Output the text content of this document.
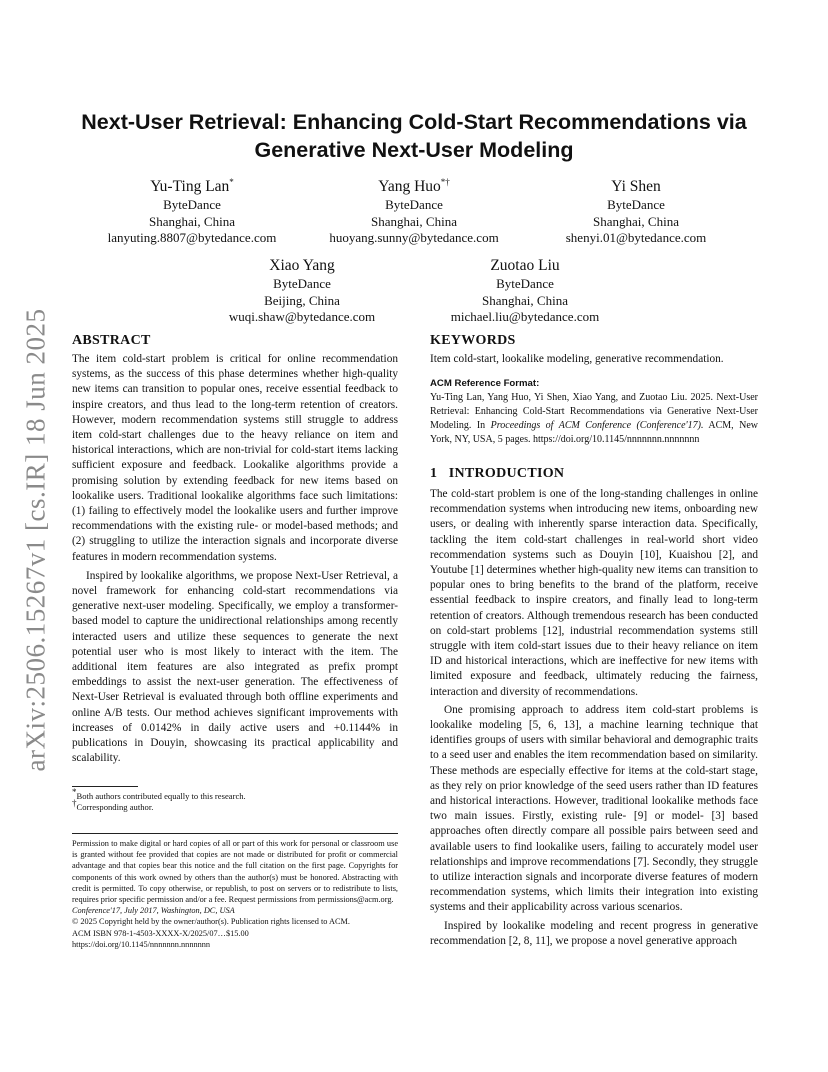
arXiv:2506.15267v1 [cs.IR] 18 Jun 2025
Next-User Retrieval: Enhancing Cold-Start Recommendations via Generative Next-User Modeling
Yu-Ting Lan*
ByteDance
Shanghai, China
lanyuting.8807@bytedance.com
Yang Huo*†
ByteDance
Shanghai, China
huoyang.sunny@bytedance.com
Yi Shen
ByteDance
Shanghai, China
shenyi.01@bytedance.com
Xiao Yang
ByteDance
Beijing, China
wuqi.shaw@bytedance.com
Zuotao Liu
ByteDance
Shanghai, China
michael.liu@bytedance.com
ABSTRACT

The item cold-start problem is critical for online recommendation systems, as the success of this phase determines whether high-quality new items can transition to popular ones, receive essential feedback to inspire creators, and thus lead to the long-term retention of creators. However, modern recommendation systems still struggle to address item cold-start challenges due to the heavy reliance on item and historical interactions, which are non-trivial for cold-start items lacking sufficient exposure and feedback. Lookalike algorithms provide a promising solution by extending feedback for new items based on lookalike users. Traditional lookalike algorithms face such limitations: (1) failing to effectively model the lookalike users and further improve recommendations with the existing rule- or model-based methods; and (2) struggling to utilize the interaction signals and incorporate diverse features in modern recommendation systems.

Inspired by lookalike algorithms, we propose Next-User Retrieval, a novel framework for enhancing cold-start recommendations via generative next-user modeling. Specifically, we employ a transformer-based model to capture the unidirectional relationships among recently interacted users and utilize these sequences to generate the next potential user who is most likely to interact with the item. The additional item features are also integrated as prefix prompt embeddings to assist the next-user generation. The effectiveness of Next-User Retrieval is evaluated through both offline experiments and online A/B tests. Our method achieves significant improvements with increases of 0.0142% in daily active users and +0.1144% in publications in Douyin, showcasing its practical applicability and scalability.

*Both authors contributed equally to this research.
†Corresponding author.

Permission to make digital or hard copies of all or part of this work for personal or classroom use is granted without fee provided that copies are not made or distributed for profit or commercial advantage and that copies bear this notice and the full citation on the first page. Copyrights for components of this work owned by others than the author(s) must be honored. Abstracting with credit is permitted. To copy otherwise, or republish, to post on servers or to redistribute to lists, requires prior specific permission and/or a fee. Request permissions from permissions@acm.org.

Conference'17, July 2017, Washington, DC, USA

© 2025 Copyright held by the owner/author(s). Publication rights licensed to ACM.

ACM ISBN 978-1-4503-XXXX-X/2025/07…$15.00

https://doi.org/10.1145/nnnnnnn.nnnnnnn

KEYWORDS

Item cold-start, lookalike modeling, generative recommendation.

ACM Reference Format:

Yu-Ting Lan, Yang Huo, Yi Shen, Xiao Yang, and Zuotao Liu. 2025. Next-User Retrieval: Enhancing Cold-Start Recommendations via Generative Next-User Modeling. In Proceedings of ACM Conference (Conference'17). ACM, New York, NY, USA, 5 pages. https://doi.org/10.1145/nnnnnnn.nnnnnnn

1   INTRODUCTION

The cold-start problem is one of the long-standing challenges in online recommendation systems when introducing new items, onboarding new users, or dealing with inherently sparse interaction data. Specifically, tackling the item cold-start challenges in real-world short video recommendation systems such as Douyin [10], Kuaishou [2], and Youtube [1] determines whether high-quality new items can transition to popular ones to bring benefits to the brand of the platform, receive essential feedback to inspire creators, and finally lead to long-term retention of creators. Although tremendous research has been conducted on cold-start problems [12], industrial recommendation systems still struggle with item cold-start issues due to their heavy reliance on item ID and historical interactions, which are ineffective for new items with limited exposure and feedback, ultimately reducing the fairness, interaction and diversity of recommendations.

One promising approach to address item cold-start problems is lookalike modeling [5, 6, 13], a machine learning technique that identifies groups of users with similar behavioral and demographic traits to a seed user and enables the item recommendation based on similarity. These methods are especially effective for items at the cold-start stage, as they rely on prior knowledge of the seed users rather than ID features and historical interactions. However, traditional lookalike methods face two main issues. Firstly, existing rule- [9] or model- [3] based approaches often directly compare all possible pairs between seed and available users to find lookalike users, failing to accurately model user relationships and improve recommendations [7]. Secondly, they struggle to utilize interaction signals and incorporate diverse features of modern recommendation systems, which limits their integration into existing systems and their applicability across various scenarios.

Inspired by lookalike modeling and recent progress in generative recommendation [2, 8, 11], we propose a novel generative approach
